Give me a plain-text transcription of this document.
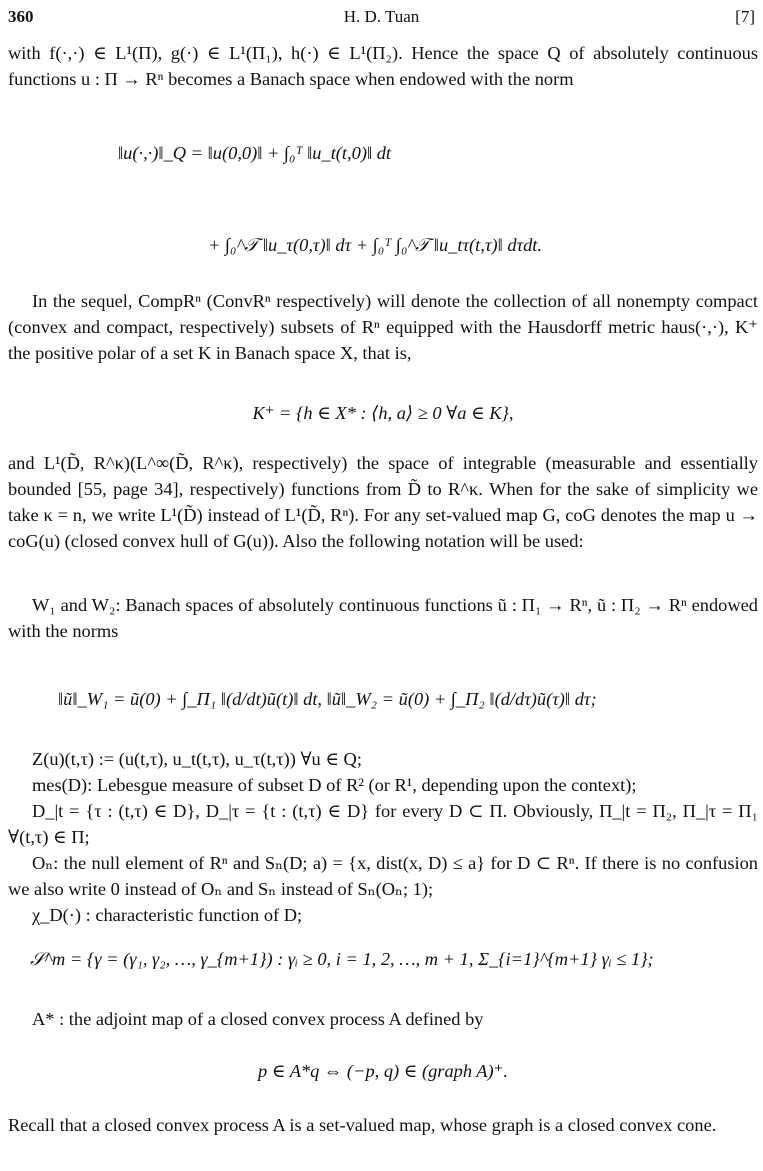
360	H. D. Tuan	[7]

with f(·,·) ∈ L¹(Π), g(·) ∈ L¹(Π₁), h(·) ∈ L¹(Π₂). Hence the space Q of absolutely continuous functions u : Π → Rⁿ becomes a Banach space when endowed with the norm

‖u(·,·)‖_Q = ‖u(0,0)‖ + ∫₀ᵀ ‖u_t(t,0)‖ dt
+ ∫₀^𝒯 ‖u_τ(0,τ)‖ dτ + ∫₀ᵀ ∫₀^𝒯 ‖u_tτ(t,τ)‖ dτdt.

In the sequel, CompRⁿ (ConvRⁿ respectively) will denote the collection of all nonempty compact (convex and compact, respectively) subsets of Rⁿ equipped with the Hausdorff metric haus(·,·), K⁺ the positive polar of a set K in Banach space X, that is,

K⁺ = {h ∈ X* : ⟨h, a⟩ ≥ 0 ∀a ∈ K},

and L¹(D̃, R^κ)(L^∞(D̃, R^κ), respectively) the space of integrable (measurable and essentially bounded [55, page 34], respectively) functions from D̃ to R^κ. When for the sake of simplicity we take κ = n, we write L¹(D̃) instead of L¹(D̃, Rⁿ). For any set-valued map G, coG denotes the map u → coG(u) (closed convex hull of G(u)). Also the following notation will be used:

W₁ and W₂: Banach spaces of absolutely continuous functions ũ : Π₁ → Rⁿ, ũ : Π₂ → Rⁿ endowed with the norms

‖ũ‖_W₁ = ũ(0) + ∫_Π₁ ‖(d/dt)ũ(t)‖ dt, ‖ũ‖_W₂ = ũ(0) + ∫_Π₂ ‖(d/dτ)ũ(τ)‖ dτ;

Z(u)(t,τ) := (u(t,τ), u_t(t,τ), u_τ(t,τ)) ∀u ∈ Q;

mes(D): Lebesgue measure of subset D of R² (or R¹, depending upon the context);

D_|t = {τ : (t,τ) ∈ D}, D_|τ = {t : (t,τ) ∈ D} for every D ⊂ Π. Obviously, Π_|t = Π₂, Π_|τ = Π₁ ∀(t,τ) ∈ Π;

Oₙ: the null element of Rⁿ and Sₙ(D; a) = {x, dist(x, D) ≤ a} for D ⊂ Rⁿ. If there is no confusion we also write 0 instead of Oₙ and Sₙ instead of Sₙ(Oₙ; 1);

χ_D(·) : characteristic function of D;

𝒮^m = {γ = (γ₁, γ₂, …, γ_{m+1}) : γᵢ ≥ 0, i = 1, 2, …, m + 1, Σ_{i=1}^{m+1} γᵢ ≤ 1};

A* : the adjoint map of a closed convex process A defined by

p ∈ A*q ⇔ (−p, q) ∈ (graph A)⁺.

Recall that a closed convex process A is a set-valued map, whose graph is a closed convex cone.
